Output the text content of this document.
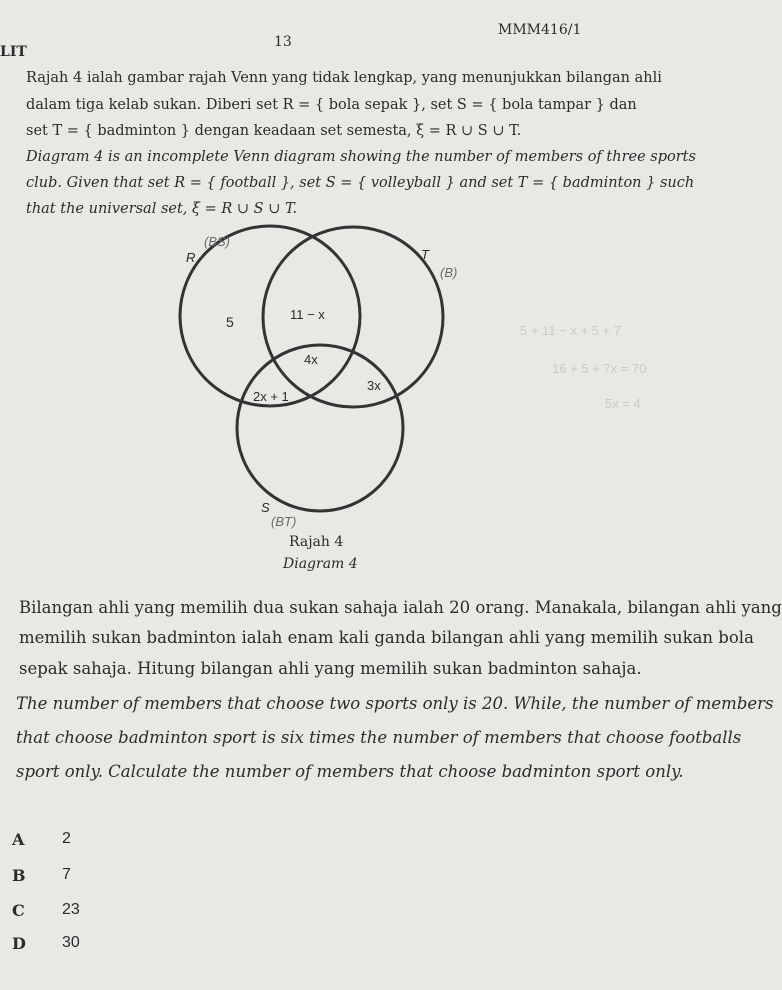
13
MMM416/1
LIT
Rajah 4 ialah gambar rajah Venn yang tidak lengkap, yang menunjukkan bilangan ahli
dalam tiga kelab sukan. Diberi set R = { bola sepak }, set S = { bola tampar } dan
set T = { badminton } dengan keadaan set semesta, ξ = R ∪ S ∪ T.
Diagram 4 is an incomplete Venn diagram showing the number of members of three sports
club. Given that set R = { football }, set S = { volleyball } and set T = { badminton } such
that the universal set, ξ = R ∪ S ∪ T.
R	T
S
5	11 − x
4x
2x + 1
3x
(BS)
(B)
(BT)
5 + 11 − x + 5 + 7
16 + 5 + 7x = 70
5x = 4
Rajah 4
Diagram 4
Bilangan ahli yang memilih dua sukan sahaja ialah 20 orang. Manakala, bilangan ahli yang
memilih sukan badminton ialah enam kali ganda bilangan ahli yang memilih sukan bola
sepak sahaja. Hitung bilangan ahli yang memilih sukan badminton sahaja.
The number of members that choose two sports only is 20. While, the number of members
that choose badminton sport is six times the number of members that choose footballs
sport only. Calculate the number of members that choose badminton sport only.
A 2
B 7
C 23
D 30
